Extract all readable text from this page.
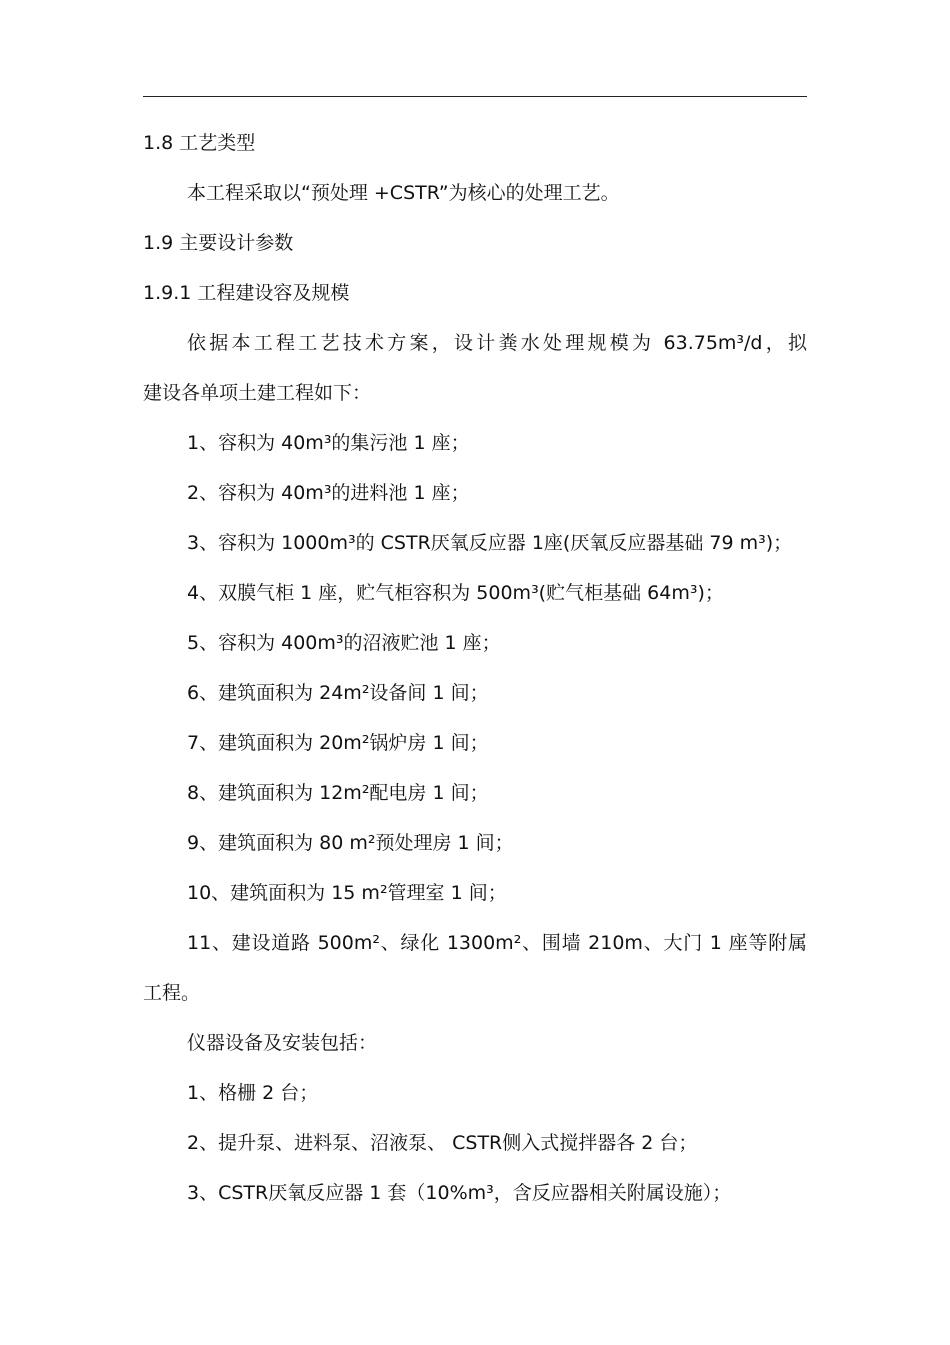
1.8 工艺类型
本工程采取以“预处理 +CSTR”为核心的处理工艺。
1.9 主要设计参数
1.9.1 工程建设容及规模
依据本工程工艺技术方案，设计粪水处理规模为 63.75m³/d，拟
建设各单项土建工程如下：
1、容积为 40m³的集污池 1 座；
2、容积为 40m³的进料池 1 座；
3、容积为 1000m³的 CSTR厌氧反应器 1座(厌氧反应器基础 79 m³)；
4、双膜气柜 1 座，贮气柜容积为 500m³(贮气柜基础 64m³)；
5、容积为 400m³的沼液贮池 1 座；
6、建筑面积为 24m²设备间 1 间；
7、建筑面积为 20m²锅炉房 1 间；
8、建筑面积为 12m²配电房 1 间；
9、建筑面积为 80 m²预处理房 1 间；
10、建筑面积为 15 m²管理室 1 间；
11、建设道路 500m²、绿化 1300m²、围墙 210m、大门 1 座等附属
工程。
仪器设备及安装包括：
1、格栅 2 台；
2、提升泵、进料泵、沼液泵、 CSTR侧入式搅拌器各 2 台；
3、CSTR厌氧反应器 1 套（10%m³，含反应器相关附属设施）；
